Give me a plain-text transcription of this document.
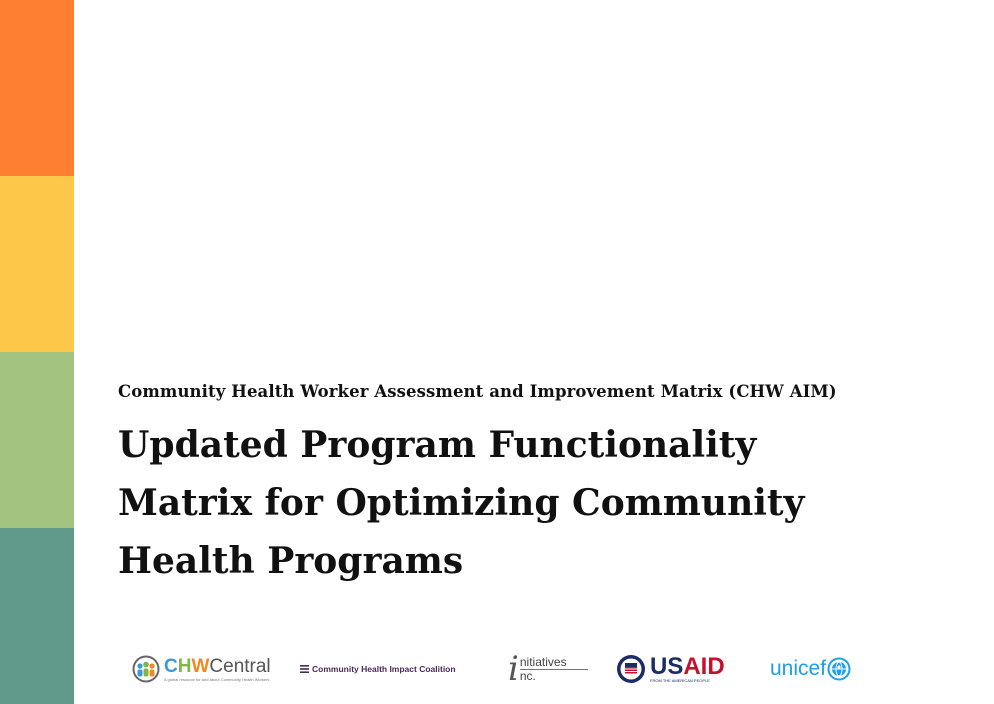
Community Health Worker Assessment and Improvement Matrix (CHW AIM)
Updated Program Functionality Matrix for Optimizing Community Health Programs
CHWCentral
A global resource for and about Community Health Workers
Community Health Impact Coalition i nitiatives
nc.	USAID
FROM THE AMERICAN PEOPLE	unicef
